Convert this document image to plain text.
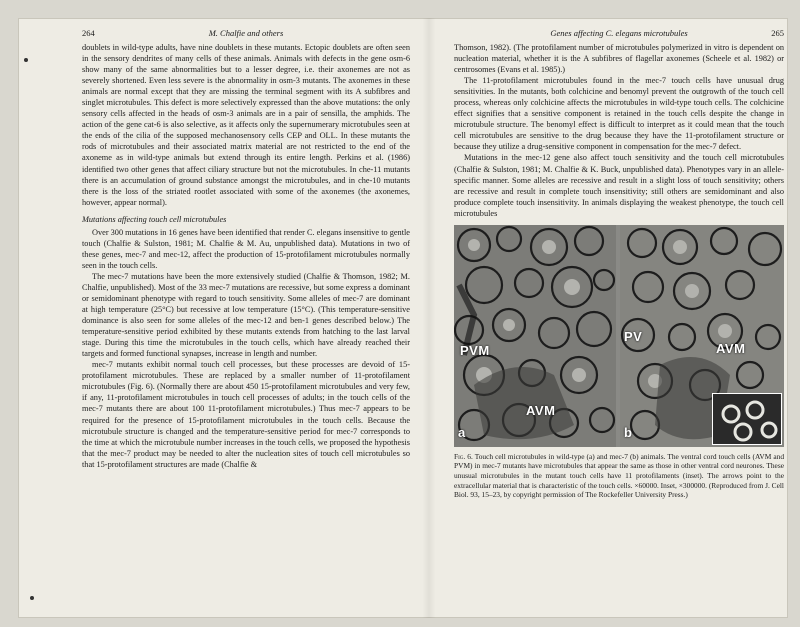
264	M. Chalfie and others

doublets in wild-type adults, have nine doublets in these mutants. Ectopic doublets are often seen in the sensory dendrites of many cells of these animals. Animals with defects in the gene osm-6 show many of the same abnormalities but to a lesser degree, i.e. their axonemes are not as severely shortened. Even less severe is the abnormality in osm-3 mutants. The axonemes in these animals are normal except that they are missing the terminal segment with its A subfibres and singlet microtubules. This defect is more selectively expressed than the above mutations: the only sensory cells affected in the heads of osm-3 animals are in a pair of sensilla, the amphids. The action of the gene cat-6 is also selective, as it affects only the supernumerary microtubules seen at the ends of the cilia of the supposed mechanosensory cells CEP and OLL. In these mutants the rods of microtubules and their associated matrix material are not restricted to the end of the axoneme as in wild-type animals but extend through its entire length. Perkins et al. (1986) identified two other genes that affect ciliary structure but not the microtubules. In che-11 mutants there is an accumulation of ground substance amongst the microtubules, and in che-10 mutants there is the loss of the striated rootlet associated with some of the axonemes (the axonemes, however, appear normal).

Mutations affecting touch cell microtubules

Over 300 mutations in 16 genes have been identified that render C. elegans insensitive to gentle touch (Chalfie & Sulston, 1981; M. Chalfie & M. Au, unpublished data). Mutations in two of these genes, mec-7 and mec-12, affect the production of 15-protofilament microtubules normally seen in the touch cells.

The mec-7 mutations have been the more extensively studied (Chalfie & Thomson, 1982; M. Chalfie, unpublished). Most of the 33 mec-7 mutations are recessive, but some express a dominant or semidominant phenotype with regard to touch sensitivity. Some alleles of mec-7 are dominant at high temperature (25°C) but recessive at low temperature (15°C). (This temperature-sensitive dominance is also seen for some alleles of the mec-12 and ben-1 genes described below.) The temperature-sensitive period exhibited by these mutants extends from hatching to the last larval stage. During this time the microtubules in the touch cells, which have already reached their targets and formed functional synapses, increase in length and number.

mec-7 mutants exhibit normal touch cell processes, but these processes are devoid of 15-protofilament microtubules. These are replaced by a smaller number of 11-protofilament microtubules (Fig. 6). (Normally there are about 450 15-protofilament microtubules and very few, if any, 11-protofilament microtubules in touch cell processes of adults; in the touch cells of the mec-7 mutants there are about 100 11-protofilament microtubules.) Thus mec-7 appears to be required for the presence of 15-protofilament microtubules in the touch cells. Because the microtubule structure is changed and the temperature-sensitive period for mec-7 corresponds to the time at which the microtubule number increases in the touch cells, we proposed the hypothesis that the mec-7 product may be needed to alter the nucleation sites of touch cell microtubules so that 15-protofilament structures are made (Chalfie &

Genes affecting C. elegans microtubules	265

Thomson, 1982). (The protofilament number of microtubules polymerized in vitro is dependent on nucleation material, whether it is the A subfibres of flagellar axonemes (Scheele et al. 1982) or centrosomes (Evans et al. 1985).)

The 11-protofilament microtubules found in the mec-7 touch cells have unusual drug sensitivities. In the mutants, both colchicine and benomyl prevent the outgrowth of the touch cell process, whereas only colchicine affects the microtubules in wild-type touch cells. The colchicine effect signifies that a sensitive component is retained in the touch cells despite the change in microtubule structure. The benomyl effect is difficult to interpret as it could mean that the touch cell microtubules are sensitive to the drug because they have the 11-protofilament structure or because they utilize a drug-sensitive component in compensation for the mec-7 defect.

Mutations in the mec-12 gene also affect touch sensitivity and the touch cell microtubules (Chalfie & Sulston, 1981; M. Chalfie & K. Buck, unpublished data). Phenotypes vary in an allele-specific manner. Some alleles are recessive and result in a slight loss of touch sensitivity; others are recessive and result in complete touch insensitivity; still others are semidominant and also produce complete touch insensitivity. In animals displaying the weakest phenotype, the touch cell microtubules

PVM
AVM
a
PV
AVM
b
Fig. 6. Touch cell microtubules in wild-type (a) and mec-7 (b) animals. The ventral cord touch cells (AVM and PVM) in mec-7 mutants have microtubules that appear the same as those in other ventral cord neurones. These unusual microtubules in the mutant touch cells have 11 protofilaments (inset). The arrows point to the extracellular material that is characteristic of the touch cells. ×60000. Inset, ×300000. (Reproduced from J. Cell Biol. 93, 15–23, by copyright permission of The Rockefeller University Press.)
